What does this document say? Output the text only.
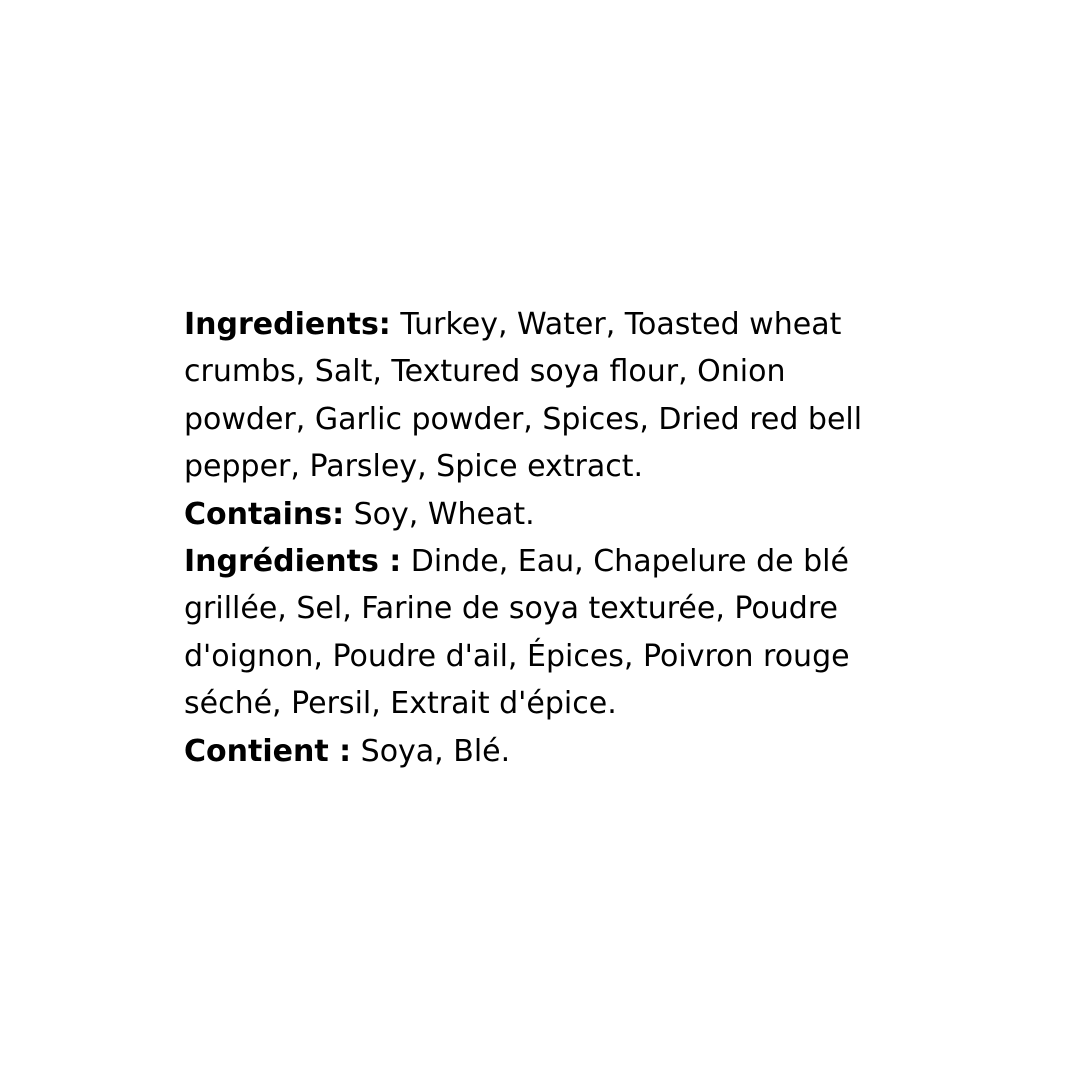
Ingredients: Turkey, Water, Toasted wheat
crumbs, Salt, Textured soya flour, Onion
powder, Garlic powder, Spices, Dried red bell
pepper, Parsley, Spice extract.
Contains: Soy, Wheat.
Ingrédients : Dinde, Eau, Chapelure de blé
grillée, Sel, Farine de soya texturée, Poudre
d'oignon, Poudre d'ail, Épices, Poivron rouge
séché, Persil, Extrait d'épice.
Contient : Soya, Blé.
